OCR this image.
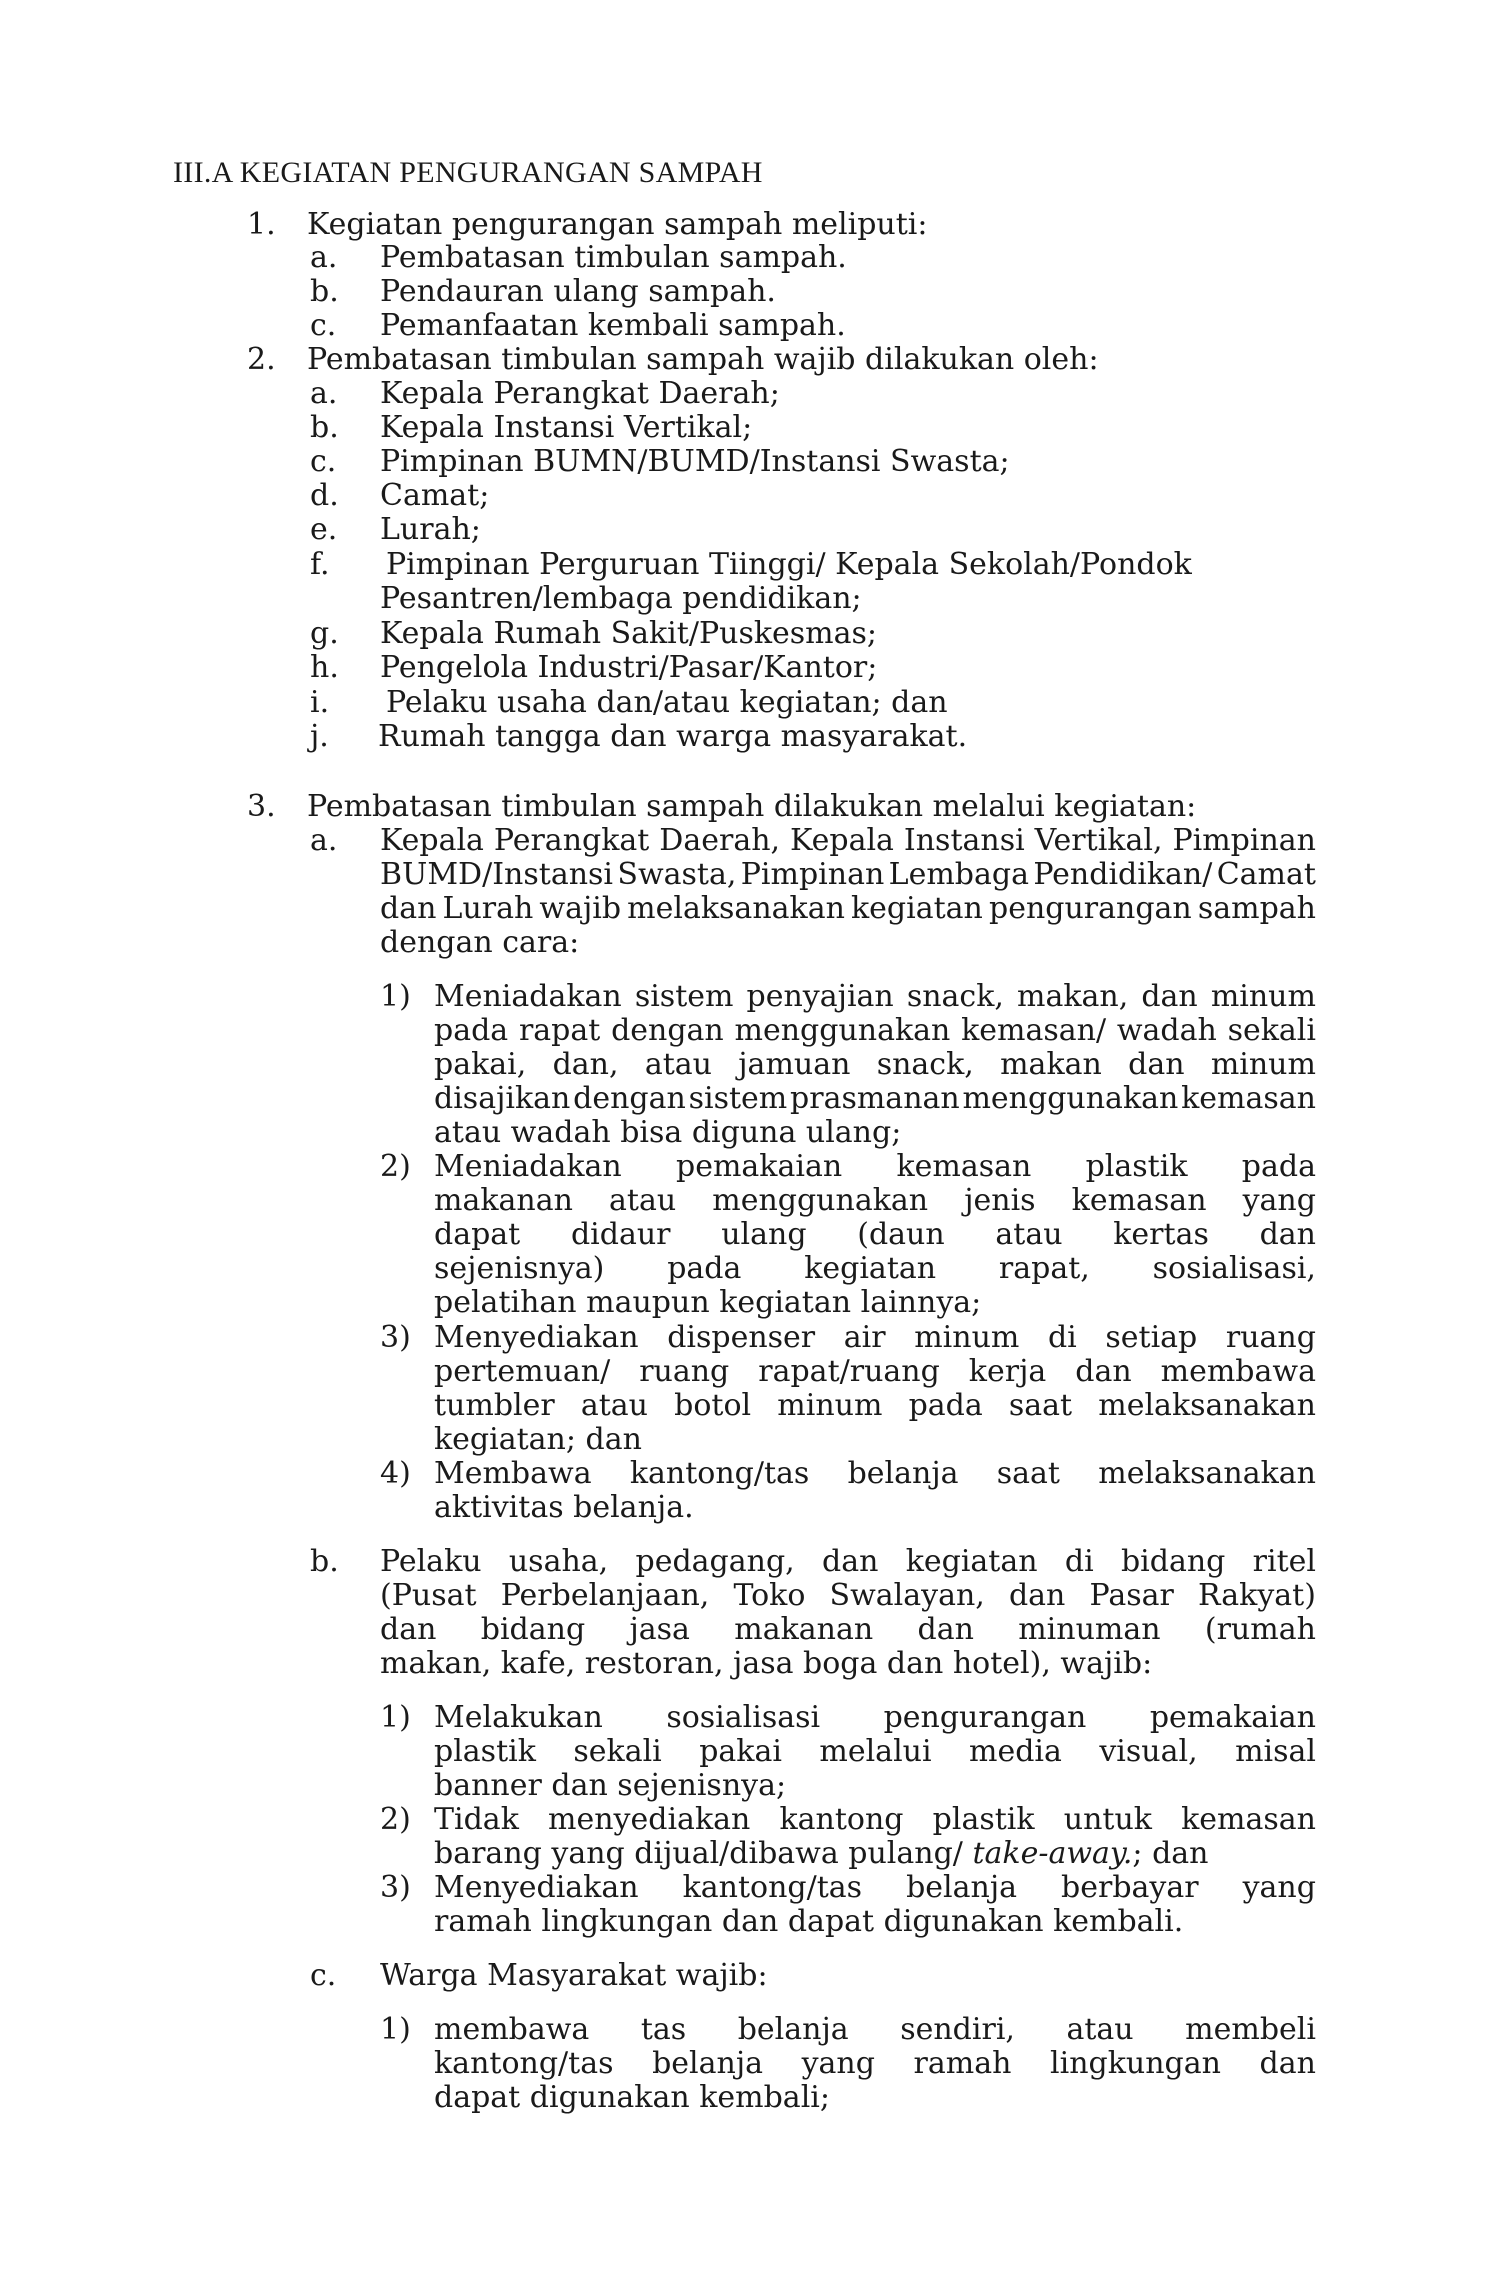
III.A KEGIATAN PENGURANGAN SAMPAH
1. Kegiatan pengurangan sampah meliputi:
a. Pembatasan timbulan sampah.
b. Pendauran ulang sampah.
c. Pemanfaatan kembali sampah.
2. Pembatasan timbulan sampah wajib dilakukan oleh:
a. Kepala Perangkat Daerah;
b. Kepala Instansi Vertikal;
c. Pimpinan BUMN/BUMD/Instansi Swasta;
d. Camat;
e. Lurah;
f. Pimpinan Perguruan Tiinggi/ Kepala Sekolah/Pondok
Pesantren/lembaga pendidikan;
g. Kepala Rumah Sakit/Puskesmas;
h. Pengelola Industri/Pasar/Kantor;
i. Pelaku usaha dan/atau kegiatan; dan
j. Rumah tangga dan warga masyarakat.
3. Pembatasan timbulan sampah dilakukan melalui kegiatan:
a. Kepala Perangkat Daerah, Kepala Instansi Vertikal, Pimpinan
BUMD/Instansi Swasta, Pimpinan Lembaga Pendidikan/ Camat
dan Lurah wajib melaksanakan kegiatan pengurangan sampah
dengan cara:
1) Meniadakan sistem penyajian snack, makan, dan minum
pada rapat dengan menggunakan kemasan/ wadah sekali
pakai, dan, atau jamuan snack, makan dan minum
disajikan dengan sistem prasmanan menggunakan kemasan
atau wadah bisa diguna ulang;
2) Meniadakan pemakaian kemasan plastik pada
makanan atau menggunakan jenis kemasan yang
dapat didaur ulang (daun atau kertas dan
sejenisnya) pada kegiatan rapat, sosialisasi,
pelatihan maupun kegiatan lainnya;
3) Menyediakan dispenser air minum di setiap ruang
pertemuan/ ruang rapat/ruang kerja dan membawa
tumbler atau botol minum pada saat melaksanakan
kegiatan; dan
4) Membawa kantong/tas belanja saat melaksanakan
aktivitas belanja.
b. Pelaku usaha, pedagang, dan kegiatan di bidang ritel
(Pusat Perbelanjaan, Toko Swalayan, dan Pasar Rakyat)
dan bidang jasa makanan dan minuman (rumah
makan, kafe, restoran, jasa boga dan hotel), wajib:
1) Melakukan sosialisasi pengurangan pemakaian
plastik sekali pakai melalui media visual, misal
banner dan sejenisnya;
2) Tidak menyediakan kantong plastik untuk kemasan
barang yang dijual/dibawa pulang/ take-away.; dan
3) Menyediakan kantong/tas belanja berbayar yang
ramah lingkungan dan dapat digunakan kembali.
c. Warga Masyarakat wajib:
1) membawa tas belanja sendiri, atau membeli
kantong/tas belanja yang ramah lingkungan dan
dapat digunakan kembali;
